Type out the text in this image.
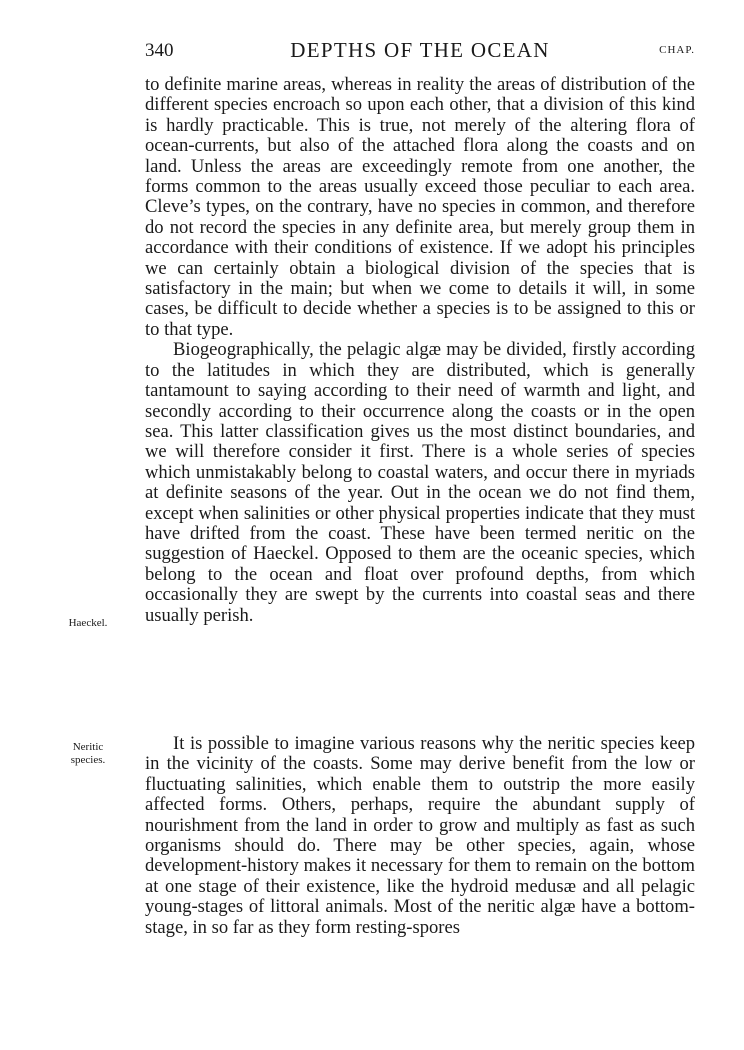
340	DEPTHS OF THE OCEAN	CHAP.

to definite marine areas, whereas in reality the areas of distribution of the different species encroach so upon each other, that a division of this kind is hardly practicable. This is true, not merely of the altering flora of ocean-currents, but also of the attached flora along the coasts and on land. Unless the areas are exceedingly remote from one another, the forms common to the areas usually exceed those peculiar to each area. Cleve’s types, on the contrary, have no species in common, and therefore do not record the species in any definite area, but merely group them in accordance with their conditions of existence. If we adopt his principles we can certainly obtain a biological division of the species that is satisfactory in the main; but when we come to details it will, in some cases, be difficult to decide whether a species is to be assigned to this or to that type.

Biogeographically, the pelagic algæ may be divided, firstly according to the latitudes in which they are distributed, which is generally tantamount to saying according to their need of warmth and light, and secondly according to their occurrence along the coasts or in the open sea. This latter classification gives us the most distinct boundaries, and we will therefore consider it first. There is a whole series of species which unmistakably belong to coastal waters, and occur there in myriads at definite seasons of the year. Out in the ocean we do not find them, except when salinities or other physical properties indicate that they must have drifted from the coast. These have been termed neritic on the suggestion of Haeckel. Opposed to them are the oceanic species, which belong to the ocean and float over profound depths, from which occasionally they are swept by the currents into coastal seas and there usually perish.

Haeckel.
Neritic
species.

It is possible to imagine various reasons why the neritic species keep in the vicinity of the coasts. Some may derive benefit from the low or fluctuating salinities, which enable them to outstrip the more easily affected forms. Others, perhaps, require the abundant supply of nourishment from the land in order to grow and multiply as fast as such organisms should do. There may be other species, again, whose development-history makes it necessary for them to remain on the bottom at one stage of their existence, like the hydroid medusæ and all pelagic young-stages of littoral animals. Most of the neritic algæ have a bottom-stage, in so far as they form resting-spores
